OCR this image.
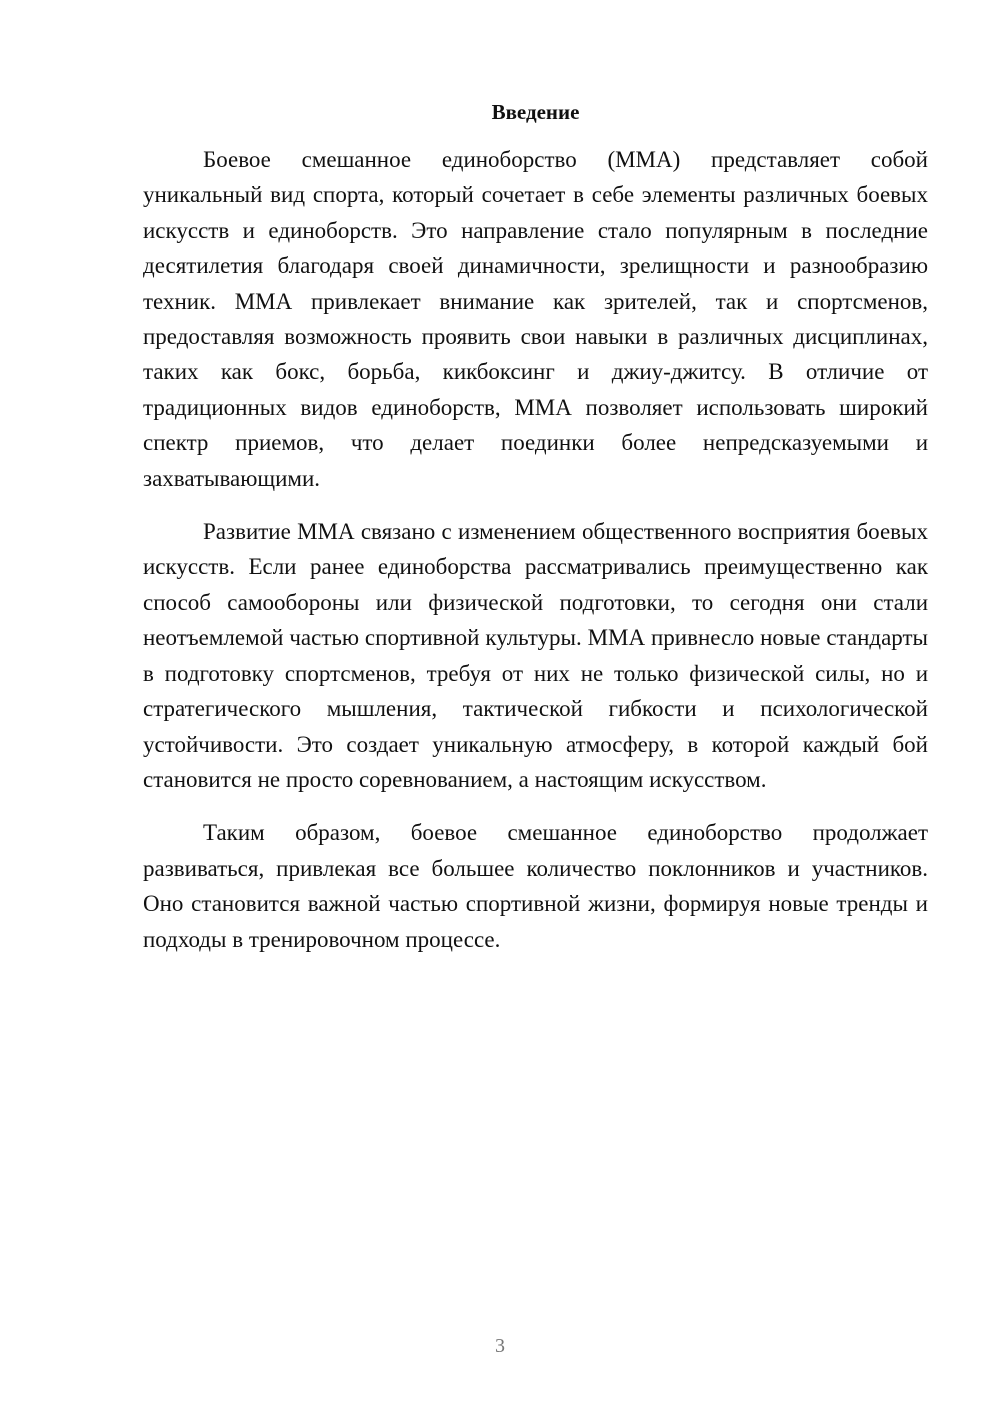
Введение

Боевое смешанное единоборство (ММА) представляет собой уникальный вид спорта, который сочетает в себе элементы различных боевых искусств и единоборств. Это направление стало популярным в последние десятилетия благодаря своей динамичности, зрелищности и разнообразию техник. ММА привлекает внимание как зрителей, так и спортсменов, предоставляя возможность проявить свои навыки в различных дисциплинах, таких как бокс, борьба, кикбоксинг и джиу-джитсу. В отличие от традиционных видов единоборств, ММА позволяет использовать широкий спектр приемов, что делает поединки более непредсказуемыми и захватывающими.

Развитие ММА связано с изменением общественного восприятия боевых искусств. Если ранее единоборства рассматривались преимущественно как способ самообороны или физической подготовки, то сегодня они стали неотъемлемой частью спортивной культуры. ММА привнесло новые стандарты в подготовку спортсменов, требуя от них не только физической силы, но и стратегического мышления, тактической гибкости и психологической устойчивости. Это создает уникальную атмосферу, в которой каждый бой становится не просто соревнованием, а настоящим искусством.

Таким образом, боевое смешанное единоборство продолжает развиваться, привлекая все большее количество поклонников и участников. Оно становится важной частью спортивной жизни, формируя новые тренды и подходы в тренировочном процессе.

3
